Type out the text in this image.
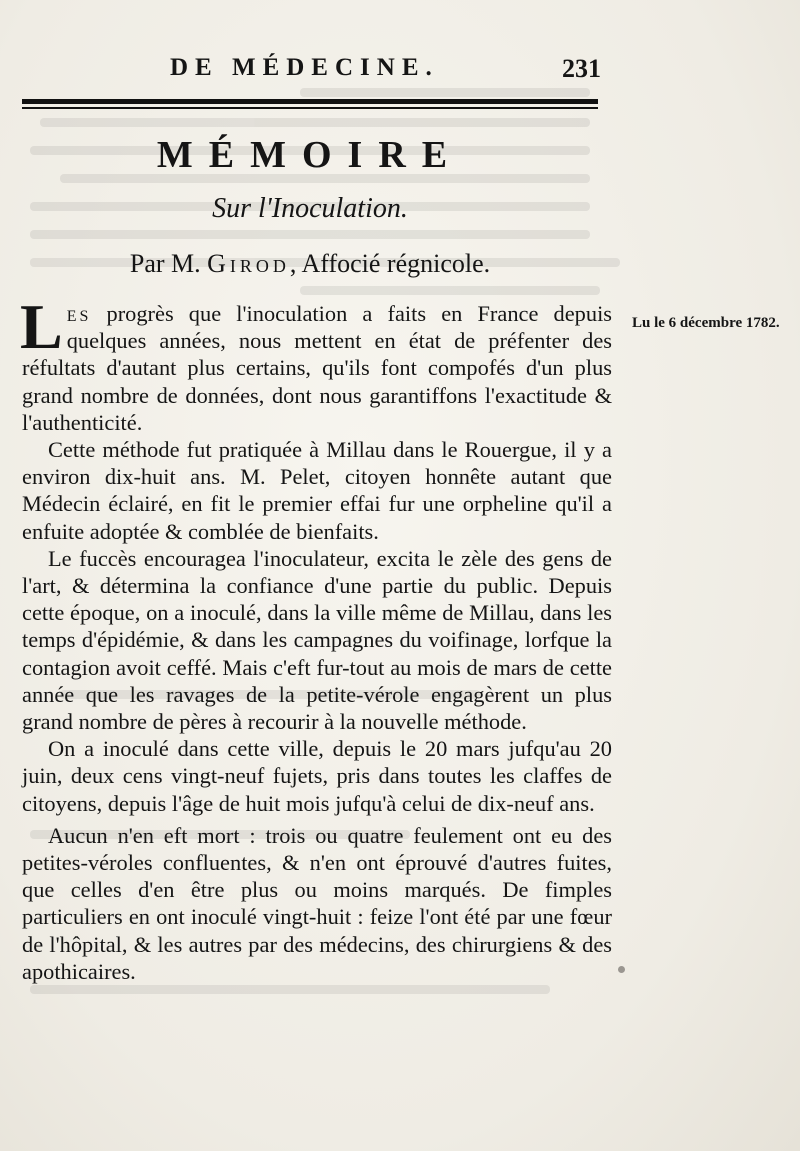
DE MÉDECINE.	231
MÉMOIRE
Sur l'Inoculation.
Par M. Girod, Affocié régnicole.
Lu le 6 décembre 1782.

Les progrès que l'inoculation a faits en France depuis quelques années, nous mettent en état de préfenter des réfultats d'autant plus certains, qu'ils font compofés d'un plus grand nombre de données, dont nous garantiffons l'exactitude & l'authenticité.

Cette méthode fut pratiquée à Millau dans le Rouergue, il y a environ dix-huit ans. M. Pelet, citoyen honnête autant que Médecin éclairé, en fit le premier effai fur une orpheline qu'il a enfuite adoptée & comblée de bienfaits.

Le fuccès encouragea l'inoculateur, excita le zèle des gens de l'art, & détermina la confiance d'une partie du public. Depuis cette époque, on a inoculé, dans la ville même de Millau, dans les temps d'épidémie, & dans les campagnes du voifinage, lorfque la contagion avoit ceffé. Mais c'eft fur-tout au mois de mars de cette année que les ravages de la petite-vérole engagèrent un plus grand nombre de pères à recourir à la nouvelle méthode.

On a inoculé dans cette ville, depuis le 20 mars jufqu'au 20 juin, deux cens vingt-neuf fujets, pris dans toutes les claffes de citoyens, depuis l'âge de huit mois jufqu'à celui de dix-neuf ans.

Aucun n'en eft mort : trois ou quatre feulement ont eu des petites-véroles confluentes, & n'en ont éprouvé d'autres fuites, que celles d'en être plus ou moins marqués. De fimples particuliers en ont inoculé vingt-huit : feize l'ont été par une fœur de l'hôpital, & les autres par des médecins, des chirurgiens & des apothicaires.
